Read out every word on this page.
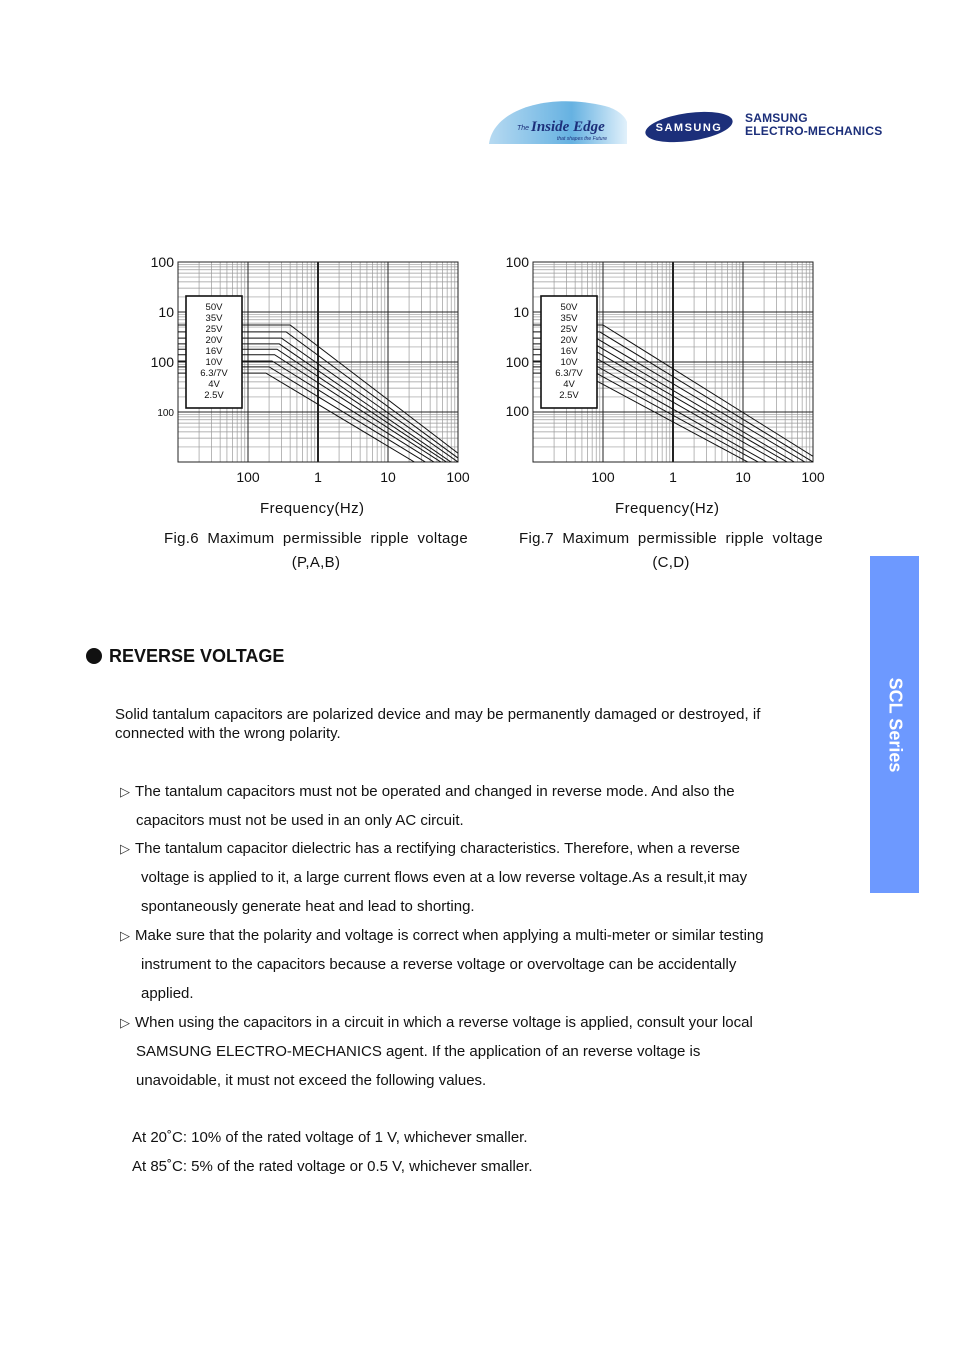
The Inside Edge
that shapes the Future
SAMSUNG
SAMSUNG
ELECTRO-MECHANICS
50V
35V
25V
20V
16V
10V
6.3/7V
4V
2.5V
100
10
100
100
100	1	10	100
Frequency(Hz)
Fig.6 Maximum permissible ripple voltage
(P,A,B)
50V
35V
25V
20V
16V
10V
6.3/7V
4V
2.5V
100
10
100
100
100	1	10	100
Frequency(Hz)
Fig.7 Maximum permissible ripple voltage
(C,D)
SCL Series
REVERSE VOLTAGE
Solid tantalum capacitors are polarized device and may be permanently damaged or destroyed, if
connected with the wrong polarity.
▷ The tantalum capacitors must not be operated and changed in reverse mode. And also the
capacitors must not be used in an only AC circuit.
▷ The tantalum capacitor dielectric has a rectifying characteristics. Therefore, when a reverse
voltage is applied to it, a large current flows even at a low reverse voltage.As a result,it may
spontaneously generate heat and lead to shorting.
▷ Make sure that the polarity and voltage is correct when applying a multi-meter or similar testing
instrument to the capacitors because a reverse voltage or overvoltage can be accidentally
applied.
▷ When using the capacitors in a circuit in which a reverse voltage is applied, consult your local
SAMSUNG ELECTRO-MECHANICS agent. If the application of an reverse voltage is
unavoidable, it must not exceed the following values.
At 20˚C: 10% of the rated voltage of 1 V, whichever smaller.
At 85˚C: 5% of the rated voltage or 0.5 V, whichever smaller.
